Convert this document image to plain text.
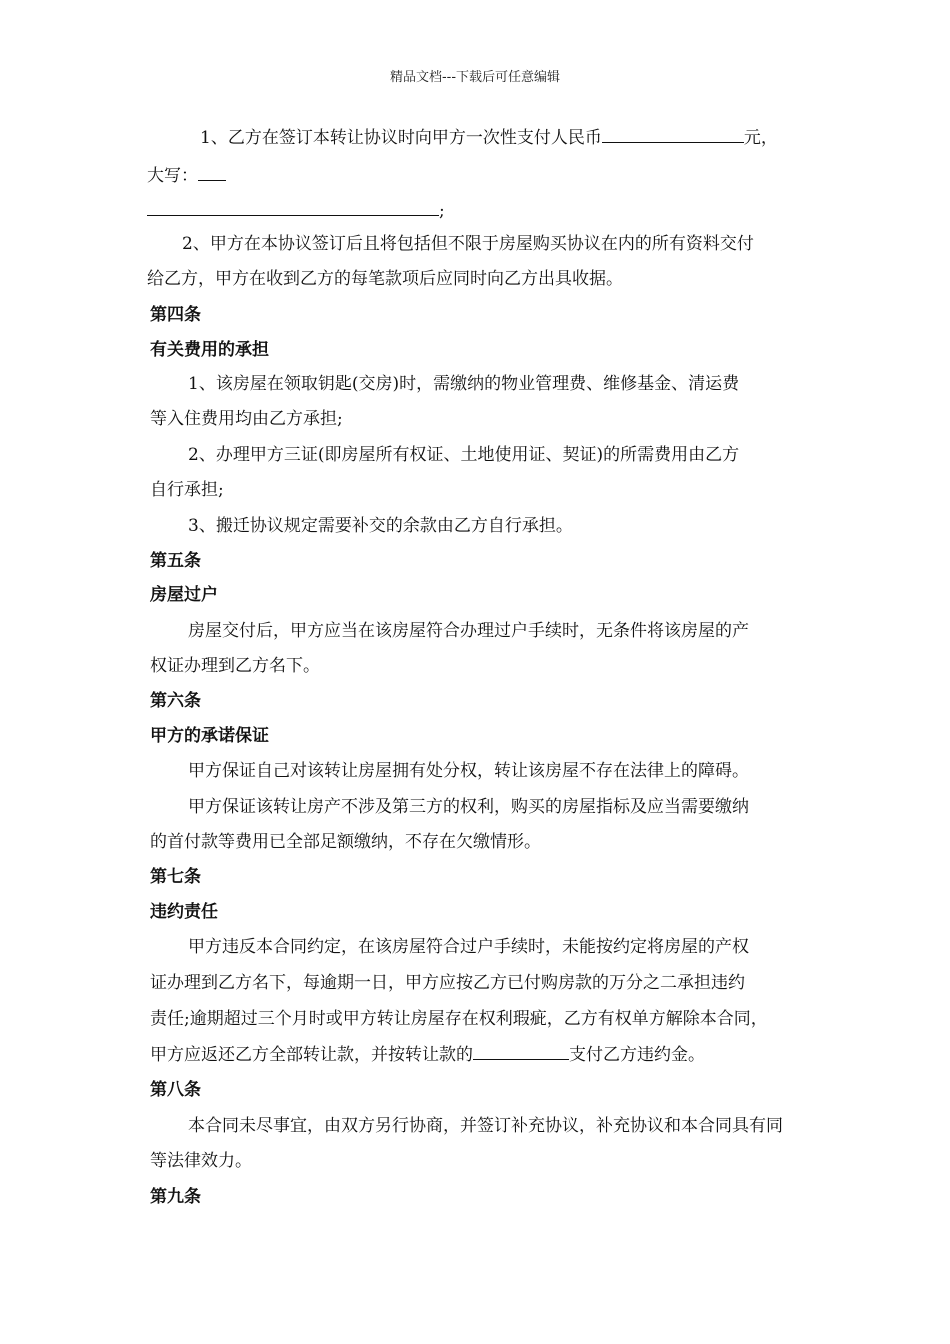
精品文档---下载后可任意编辑
1、乙方在签订本转让协议时向甲方一次性支付人民币	元，
大写：
;
2、甲方在本协议签订后且将包括但不限于房屋购买协议在内的所有资料交付
给乙方，甲方在收到乙方的每笔款项后应同时向乙方出具收据。
第四条
有关费用的承担
1、该房屋在领取钥匙(交房)时，需缴纳的物业管理费、维修基金、清运费
等入住费用均由乙方承担;
2、办理甲方三证(即房屋所有权证、土地使用证、契证)的所需费用由乙方
自行承担;
3、搬迁协议规定需要补交的余款由乙方自行承担。
第五条
房屋过户
房屋交付后，甲方应当在该房屋符合办理过户手续时，无条件将该房屋的产
权证办理到乙方名下。
第六条
甲方的承诺保证
甲方保证自己对该转让房屋拥有处分权，转让该房屋不存在法律上的障碍。
甲方保证该转让房产不涉及第三方的权利，购买的房屋指标及应当需要缴纳
的首付款等费用已全部足额缴纳，不存在欠缴情形。
第七条
违约责任
甲方违反本合同约定，在该房屋符合过户手续时，未能按约定将房屋的产权
证办理到乙方名下，每逾期一日，甲方应按乙方已付购房款的万分之二承担违约
责任;逾期超过三个月时或甲方转让房屋存在权利瑕疵，乙方有权单方解除本合同，
甲方应返还乙方全部转让款，并按转让款的	支付乙方违约金。
第八条
本合同未尽事宜，由双方另行协商，并签订补充协议，补充协议和本合同具有同
等法律效力。
第九条
